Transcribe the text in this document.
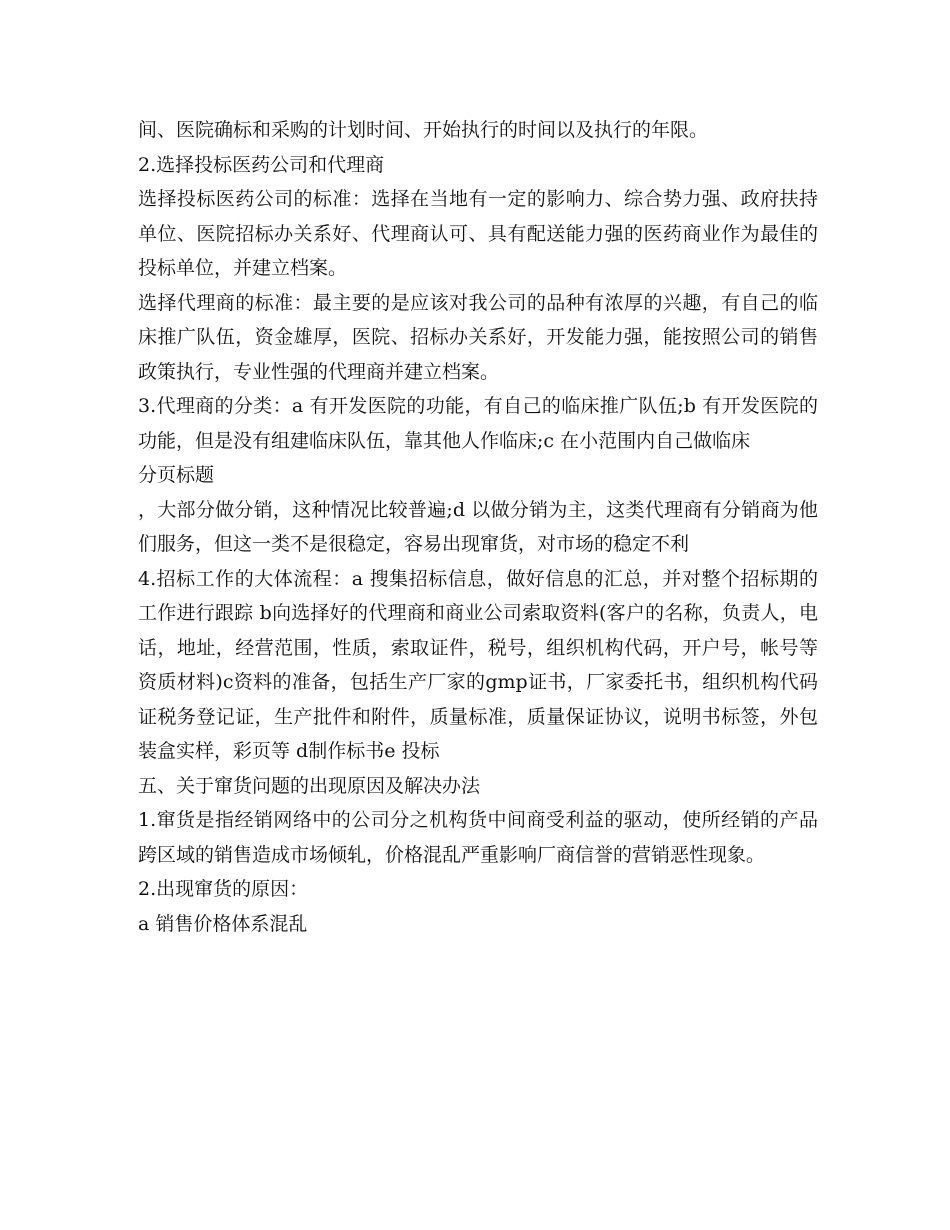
间、医院确标和采购的计划时间、开始执行的时间以及执行的年限。

2.选择投标医药公司和代理商

选择投标医药公司的标准：选择在当地有一定的影响力、综合势力强、政府扶持单位、医院招标办关系好、代理商认可、具有配送能力强的医药商业作为最佳的投标单位，并建立档案。

选择代理商的标准：最主要的是应该对我公司的品种有浓厚的兴趣，有自己的临床推广队伍，资金雄厚，医院、招标办关系好，开发能力强，能按照公司的销售政策执行，专业性强的代理商并建立档案。

3.代理商的分类：a 有开发医院的功能，有自己的临床推广队伍;b 有开发医院的功能，但是没有组建临床队伍，靠其他人作临床;c 在小范围内自己做临床

分页标题

，大部分做分销，这种情况比较普遍;d 以做分销为主，这类代理商有分销商为他们服务，但这一类不是很稳定，容易出现窜货，对市场的稳定不利

4.招标工作的大体流程：a 搜集招标信息，做好信息的汇总，并对整个招标期的工作进行跟踪 b向选择好的代理商和商业公司索取资料(客户的名称，负责人，电话，地址，经营范围，性质，索取证件，税号，组织机构代码，开户号，帐号等资质材料)c资料的准备，包括生产厂家的gmp证书，厂家委托书，组织机构代码证税务登记证，生产批件和附件，质量标准，质量保证协议，说明书标签，外包装盒实样，彩页等 d制作标书e 投标

五、关于窜货问题的出现原因及解决办法

1.窜货是指经销网络中的公司分之机构货中间商受利益的驱动，使所经销的产品跨区域的销售造成市场倾轧，价格混乱严重影响厂商信誉的营销恶性现象。

2.出现窜货的原因：

a 销售价格体系混乱
